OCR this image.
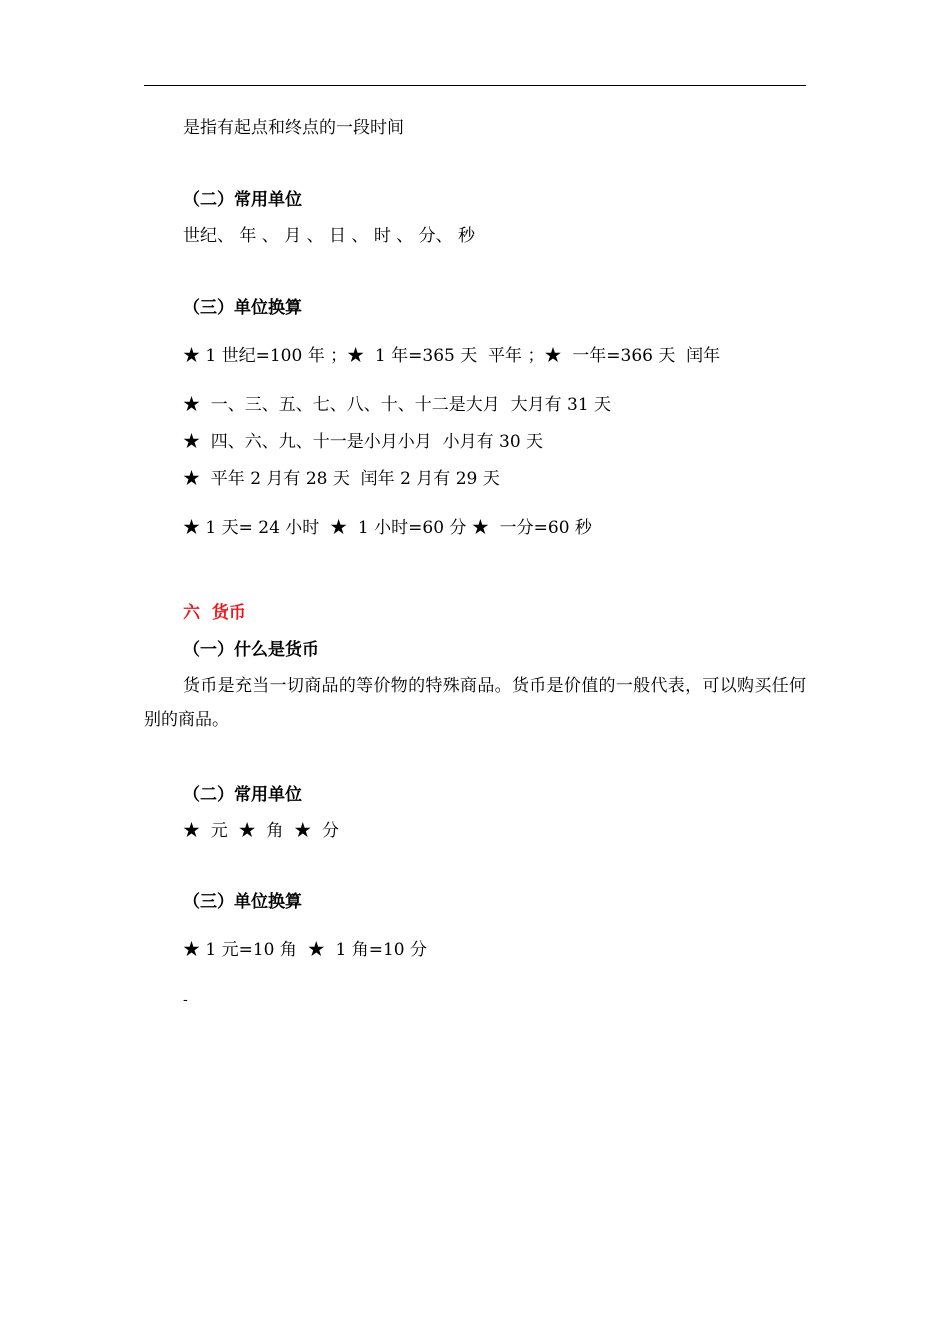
是指有起点和终点的一段时间
（二）常用单位
世纪、 年 、 月 、 日 、 时 、 分、 秒
（三）单位换算
★ 1 世纪=100 年 ；★  1 年=365 天  平年 ；★  一年=366 天  闰年
★  一、三、五、七、八、十、十二是大月  大月有 31 天
★  四、六、九、十一是小月小月  小月有 30 天
★  平年 2 月有 28 天  闰年 2 月有 29 天
★ 1 天= 24 小时  ★  1 小时=60 分 ★  一分=60 秒
六  货币
（一）什么是货币
货币是充当一切商品的等价物的特殊商品。货币是价值的一般代表，可以购买任何别的商品。
（二）常用单位
★  元  ★  角  ★  分
（三）单位换算
★ 1 元=10 角  ★  1 角=10 分
-
